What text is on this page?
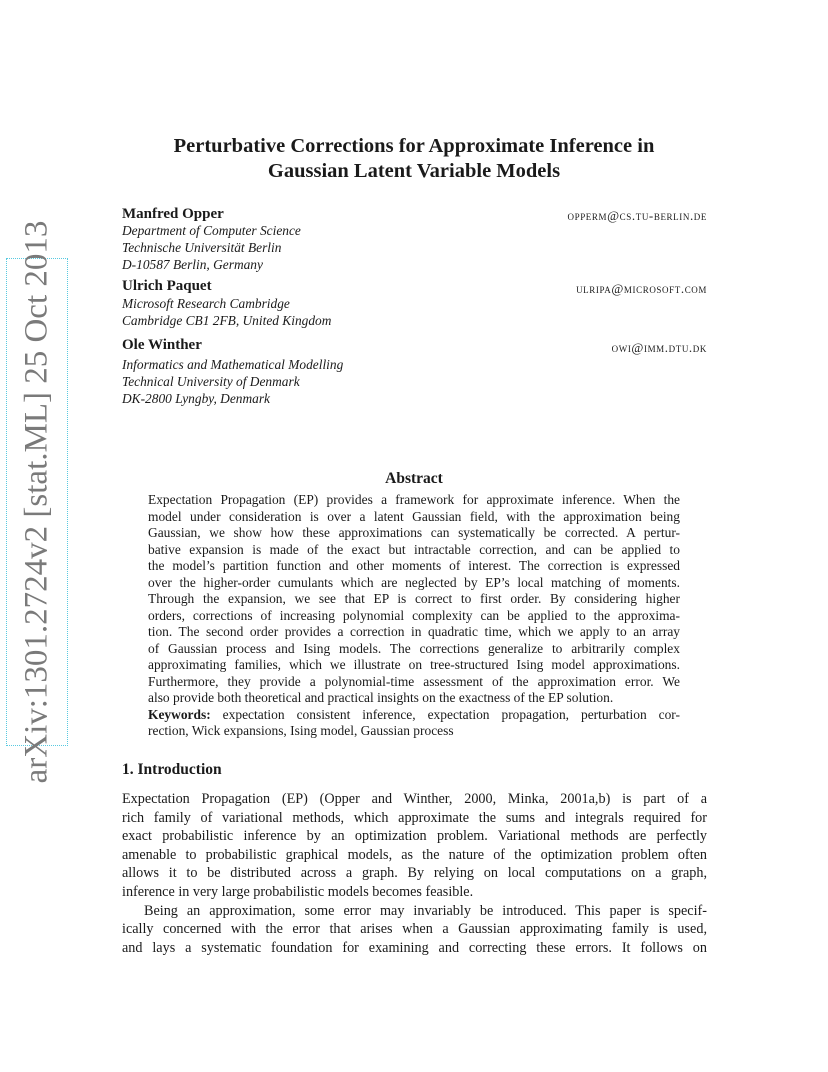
arXiv:1301.2724v2 [stat.ML] 25 Oct 2013
Perturbative Corrections for Approximate Inference in
Gaussian Latent Variable Models
Manfred Opper	opperm@cs.tu-berlin.de
Department of Computer Science
Technische Universität Berlin
D-10587 Berlin, Germany
Ulrich Paquet	ulripa@microsoft.com
Microsoft Research Cambridge
Cambridge CB1 2FB, United Kingdom
Ole Winther	owi@imm.dtu.dk
Informatics and Mathematical Modelling
Technical University of Denmark
DK-2800 Lyngby, Denmark
Abstract
Expectation Propagation (EP) provides a framework for approximate inference. When the
model under consideration is over a latent Gaussian field, with the approximation being
Gaussian, we show how these approximations can systematically be corrected. A pertur-
bative expansion is made of the exact but intractable correction, and can be applied to
the model’s partition function and other moments of interest. The correction is expressed
over the higher-order cumulants which are neglected by EP’s local matching of moments.
Through the expansion, we see that EP is correct to first order. By considering higher
orders, corrections of increasing polynomial complexity can be applied to the approxima-
tion. The second order provides a correction in quadratic time, which we apply to an array
of Gaussian process and Ising models. The corrections generalize to arbitrarily complex
approximating families, which we illustrate on tree-structured Ising model approximations.
Furthermore, they provide a polynomial-time assessment of the approximation error. We
also provide both theoretical and practical insights on the exactness of the EP solution.
Keywords: expectation consistent inference, expectation propagation, perturbation cor-
rection, Wick expansions, Ising model, Gaussian process
1. Introduction
Expectation Propagation (EP) (Opper and Winther, 2000, Minka, 2001a,b) is part of a
rich family of variational methods, which approximate the sums and integrals required for
exact probabilistic inference by an optimization problem. Variational methods are perfectly
amenable to probabilistic graphical models, as the nature of the optimization problem often
allows it to be distributed across a graph. By relying on local computations on a graph,
inference in very large probabilistic models becomes feasible.
Being an approximation, some error may invariably be introduced. This paper is specif-
ically concerned with the error that arises when a Gaussian approximating family is used,
and lays a systematic foundation for examining and correcting these errors. It follows on
